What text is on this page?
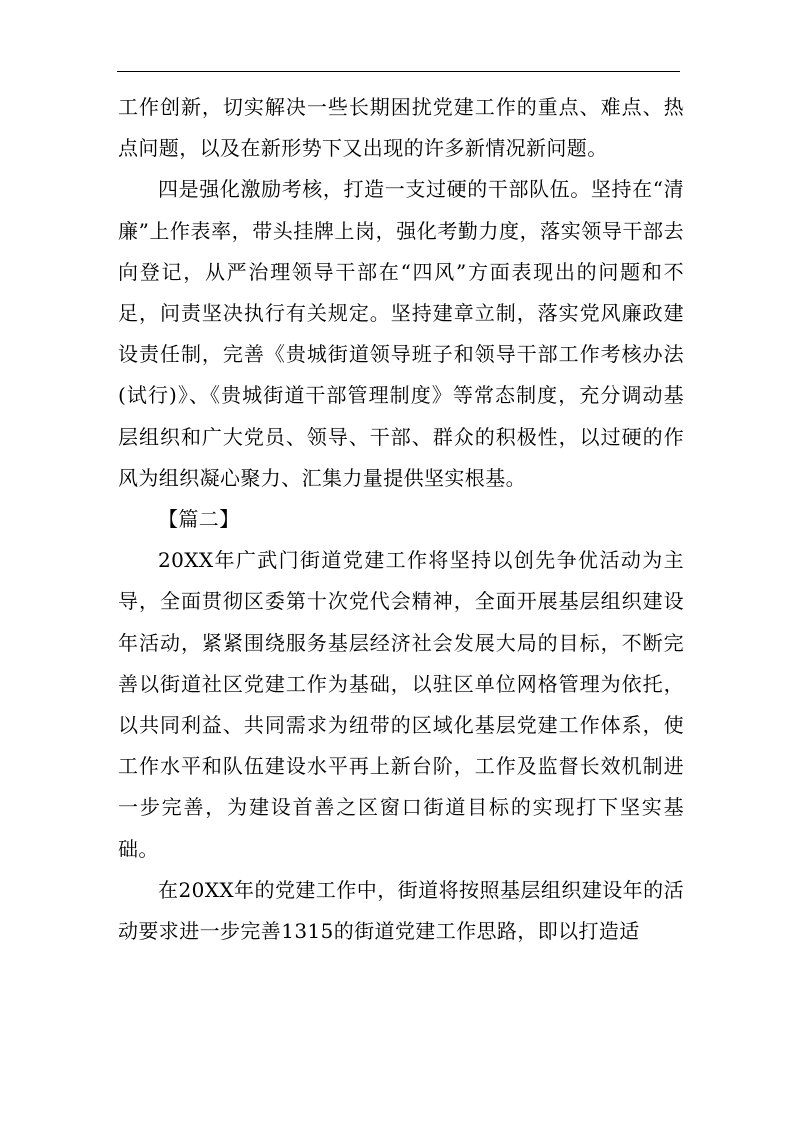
工作创新，切实解决一些长期困扰党建工作的重点、难点、热点问题，以及在新形势下又出现的许多新情况新问题。

四是强化激励考核，打造一支过硬的干部队伍。坚持在“清廉”上作表率，带头挂牌上岗，强化考勤力度，落实领导干部去向登记，从严治理领导干部在“四风”方面表现出的问题和不足，问责坚决执行有关规定。坚持建章立制，落实党风廉政建设责任制，完善《贵城街道领导班子和领导干部工作考核办法(试行)》、《贵城街道干部管理制度》等常态制度，充分调动基层组织和广大党员、领导、干部、群众的积极性，以过硬的作风为组织凝心聚力、汇集力量提供坚实根基。

【篇二】

20XX年广武门街道党建工作将坚持以创先争优活动为主导，全面贯彻区委第十次党代会精神，全面开展基层组织建设年活动，紧紧围绕服务基层经济社会发展大局的目标，不断完善以街道社区党建工作为基础，以驻区单位网格管理为依托，以共同利益、共同需求为纽带的区域化基层党建工作体系，使工作水平和队伍建设水平再上新台阶，工作及监督长效机制进一步完善，为建设首善之区窗口街道目标的实现打下坚实基础。

在20XX年的党建工作中，街道将按照基层组织建设年的活动要求进一步完善1315的街道党建工作思路，即以打造适
